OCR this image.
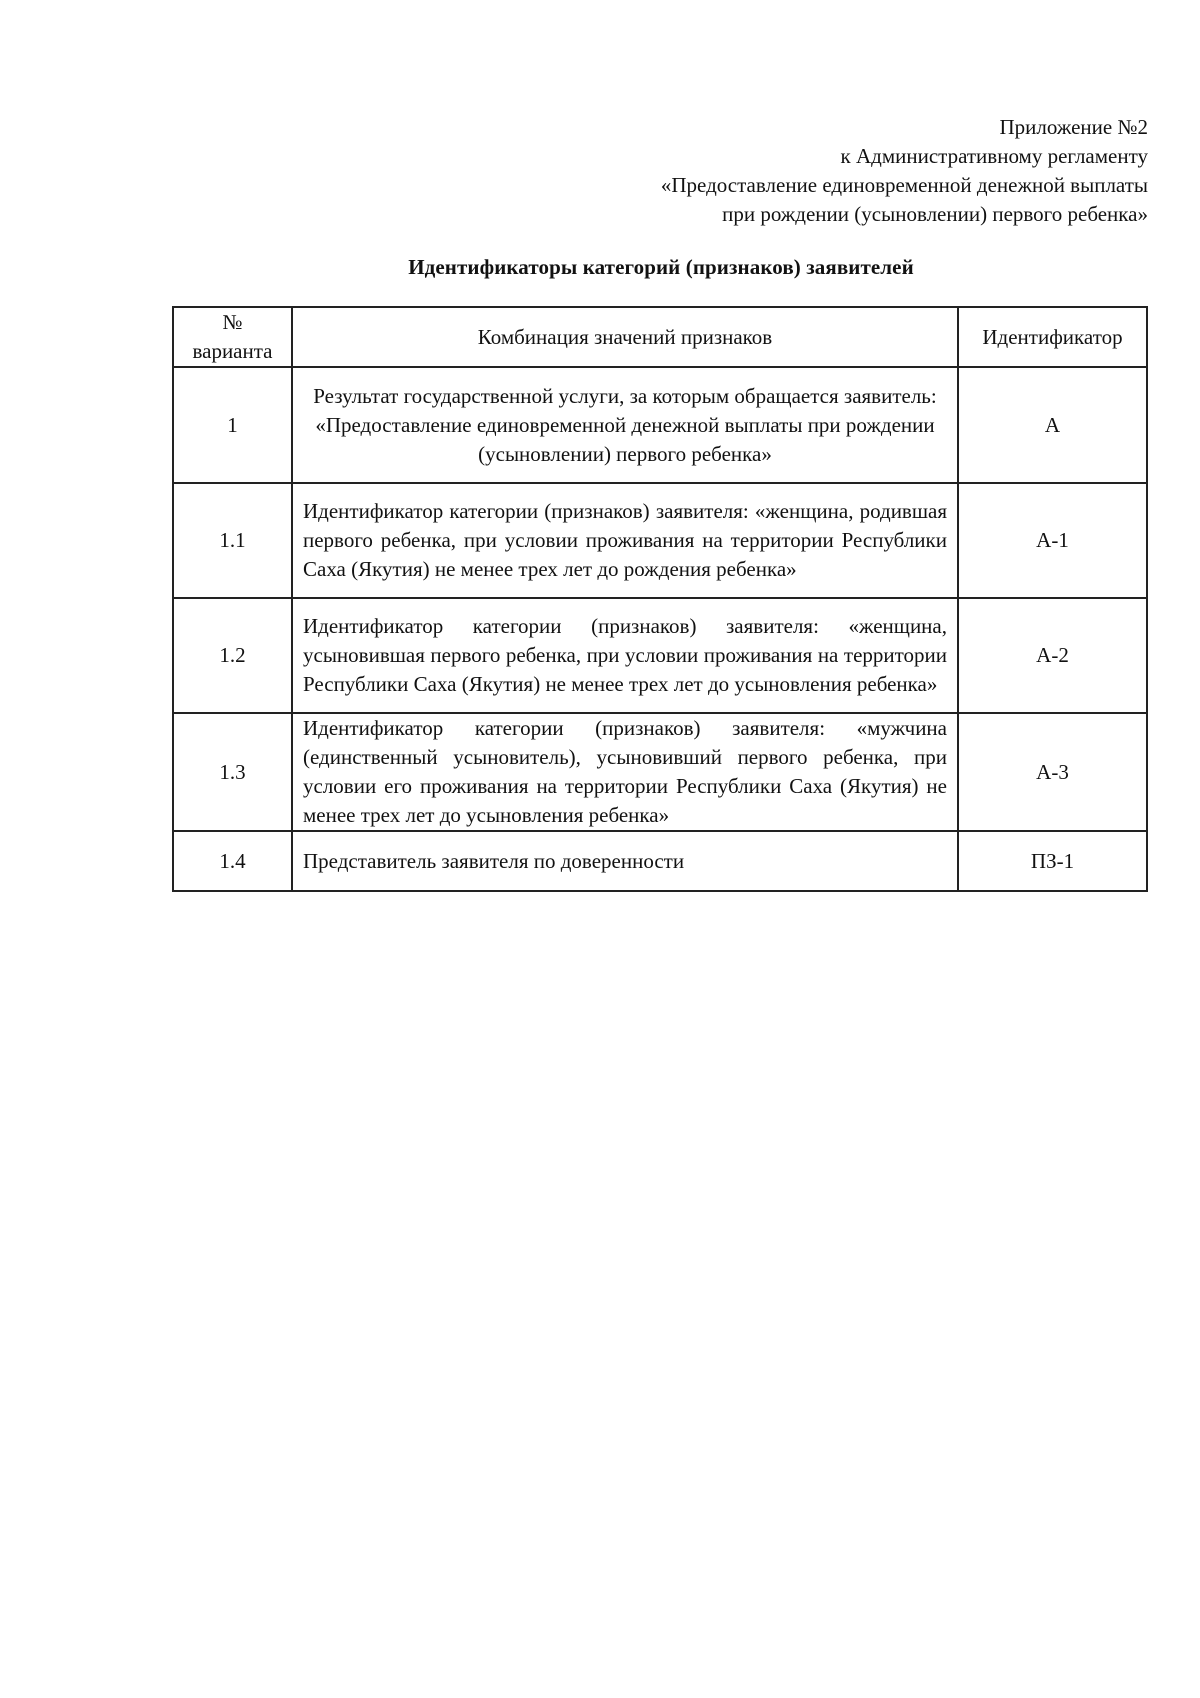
Приложение №2
к Административному регламенту
«Предоставление единовременной денежной выплаты
при рождении (усыновлении) первого ребенка»
Идентификаторы категорий (признаков) заявителей
№ варианта	Комбинация значений признаков	Идентификатор
1	Результат государственной услуги, за которым обращается заявитель: «Предоставление единовременной денежной выплаты при рождении (усыновлении) первого ребенка»	А
1.1	Идентификатор категории (признаков) заявителя: «женщина, родившая первого ребенка, при условии проживания на территории Республики Саха (Якутия) не менее трех лет до рождения ребенка»	А-1
1.2	Идентификатор категории (признаков) заявителя: «женщина, усыновившая первого ребенка, при условии проживания на территории Республики Саха (Якутия) не менее трех лет до усыновления ребенка»	А-2
1.3	Идентификатор категории (признаков) заявителя: «мужчина (единственный усыновитель), усыновивший первого ребенка, при условии его проживания на территории Республики Саха (Якутия) не менее трех лет до усыновления ребенка»	А-3
1.4	Представитель заявителя по доверенности	ПЗ-1
